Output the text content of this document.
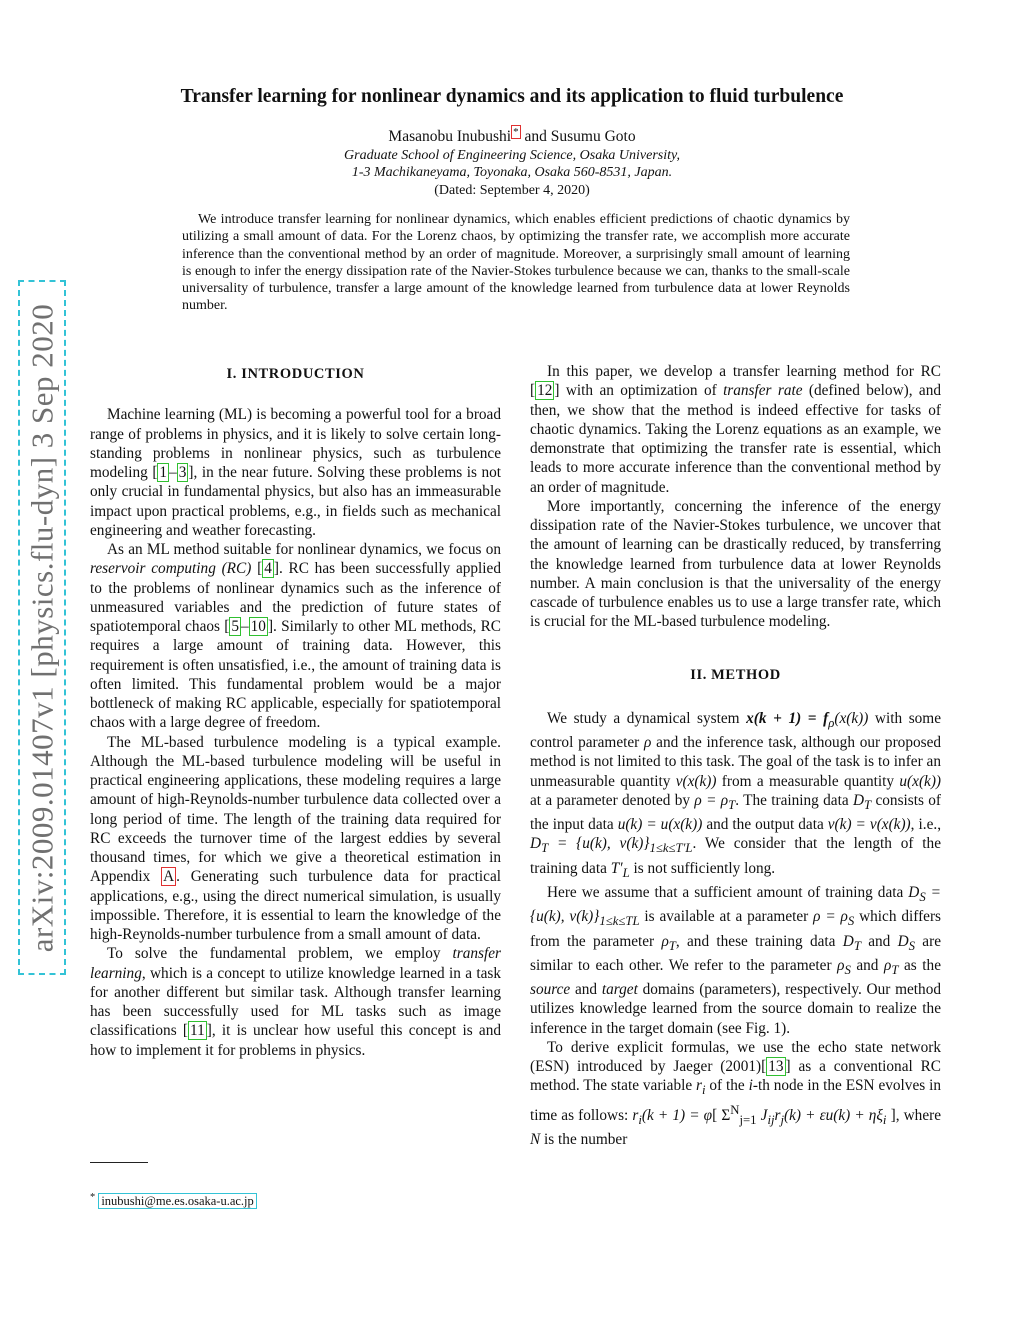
arXiv:2009.01407v1 [physics.flu-dyn] 3 Sep 2020
Transfer learning for nonlinear dynamics and its application to fluid turbulence
Masanobu Inubushi * and Susumu Goto
Graduate School of Engineering Science, Osaka University,
1-3 Machikaneyama, Toyonaka, Osaka 560-8531, Japan.
(Dated: September 4, 2020)

We introduce transfer learning for nonlinear dynamics, which enables efficient predictions of chaotic dynamics by utilizing a small amount of data. For the Lorenz chaos, by optimizing the transfer rate, we accomplish more accurate inference than the conventional method by an order of magnitude. Moreover, a surprisingly small amount of learning is enough to infer the energy dissipation rate of the Navier-Stokes turbulence because we can, thanks to the small-scale universality of turbulence, transfer a large amount of the knowledge learned from turbulence data at lower Reynolds number.

I. INTRODUCTION

Machine learning (ML) is becoming a powerful tool for a broad range of problems in physics, and it is likely to solve certain long-standing problems in nonlinear physics, such as turbulence modeling [ 1 – 3 ], in the near future. Solving these problems is not only crucial in fundamental physics, but also has an immeasurable impact upon practical problems, e.g., in fields such as mechanical engineering and weather forecasting.

As an ML method suitable for nonlinear dynamics, we focus on reservoir computing (RC) [ 4 ]. RC has been successfully applied to the problems of nonlinear dynamics such as the inference of unmeasured variables and the prediction of future states of spatiotemporal chaos [ 5 – 10 ]. Similarly to other ML methods, RC requires a large amount of training data. However, this requirement is often unsatisfied, i.e., the amount of training data is often limited. This fundamental problem would be a major bottleneck of making RC applicable, especially for spatiotemporal chaos with a large degree of freedom.

The ML-based turbulence modeling is a typical example. Although the ML-based turbulence modeling will be useful in practical engineering applications, these modeling requires a large amount of high-Reynolds-number turbulence data collected over a long period of time. The length of the training data required for RC exceeds the turnover time of the largest eddies by several thousand times, for which we give a theoretical estimation in Appendix A . Generating such turbulence data for practical applications, e.g., using the direct numerical simulation, is usually impossible. Therefore, it is essential to learn the knowledge of the high-Reynolds-number turbulence from a small amount of data.

To solve the fundamental problem, we employ transfer learning, which is a concept to utilize knowledge learned in a task for another different but similar task. Although transfer learning has been successfully used for ML tasks such as image classifications [ 11 ], it is unclear how useful this concept is and how to implement it for problems in physics.

* inubushi@me.es.osaka-u.ac.jp

In this paper, we develop a transfer learning method for RC [ 12 ] with an optimization of transfer rate (defined below), and then, we show that the method is indeed effective for tasks of chaotic dynamics. Taking the Lorenz equations as an example, we demonstrate that optimizing the transfer rate is essential, which leads to more accurate inference than the conventional method by an order of magnitude.

More importantly, concerning the inference of the energy dissipation rate of the Navier-Stokes turbulence, we uncover that the amount of learning can be drastically reduced, by transferring the knowledge learned from turbulence data at lower Reynolds number. A main conclusion is that the universality of the energy cascade of turbulence enables us to use a large transfer rate, which is crucial for the ML-based turbulence modeling.

II. METHOD

We study a dynamical system $x(k + 1) = f_\rho(x(k))$ with some control parameter ρ and the inference task, although our proposed method is not limited to this task. The goal of the task is to infer an unmeasurable quantity v(x(k)) from a measurable quantity u(x(k)) at a parameter denoted by $\rho = \rho_T$. The training data $D_T$ consists of the input data u(k) = u(x(k)) and the output data v(k) = v(x(k)), i.e., $D_T = \{u(k)$, $v(k)\}_{1\le k\le T'L}$. We consider that the length of the training data $T'_L$ is not sufficiently long.

Here we assume that a sufficient amount of training data $D_S = \{u(k)$, $v(k)\}_{1\le k\le TL}$ is available at a parameter $\rho = \rho_S$ which differs from the parameter $\rho_T$, and these training data $D_T$ and $D_S$ are similar to each other. We refer to the parameter $\rho_S$ and $\rho_T$ as the source and target domains (parameters), respectively. Our method utilizes knowledge learned from the source domain to realize the inference in the target domain (see Fig. 1).

To derive explicit formulas, we use the echo state network (ESN) introduced by Jaeger (2001)[ 13 ] as a conventional RC method. The state variable $r_i$ of the i-th node in the ESN evolves in time as follows: $r_i(k + 1) = \varphi$[ $\Sigma^N_{j=1}$ $J_{ij}r_j(k) + \varepsilon u(k) + \eta\xi_i$ ], where N is the number
